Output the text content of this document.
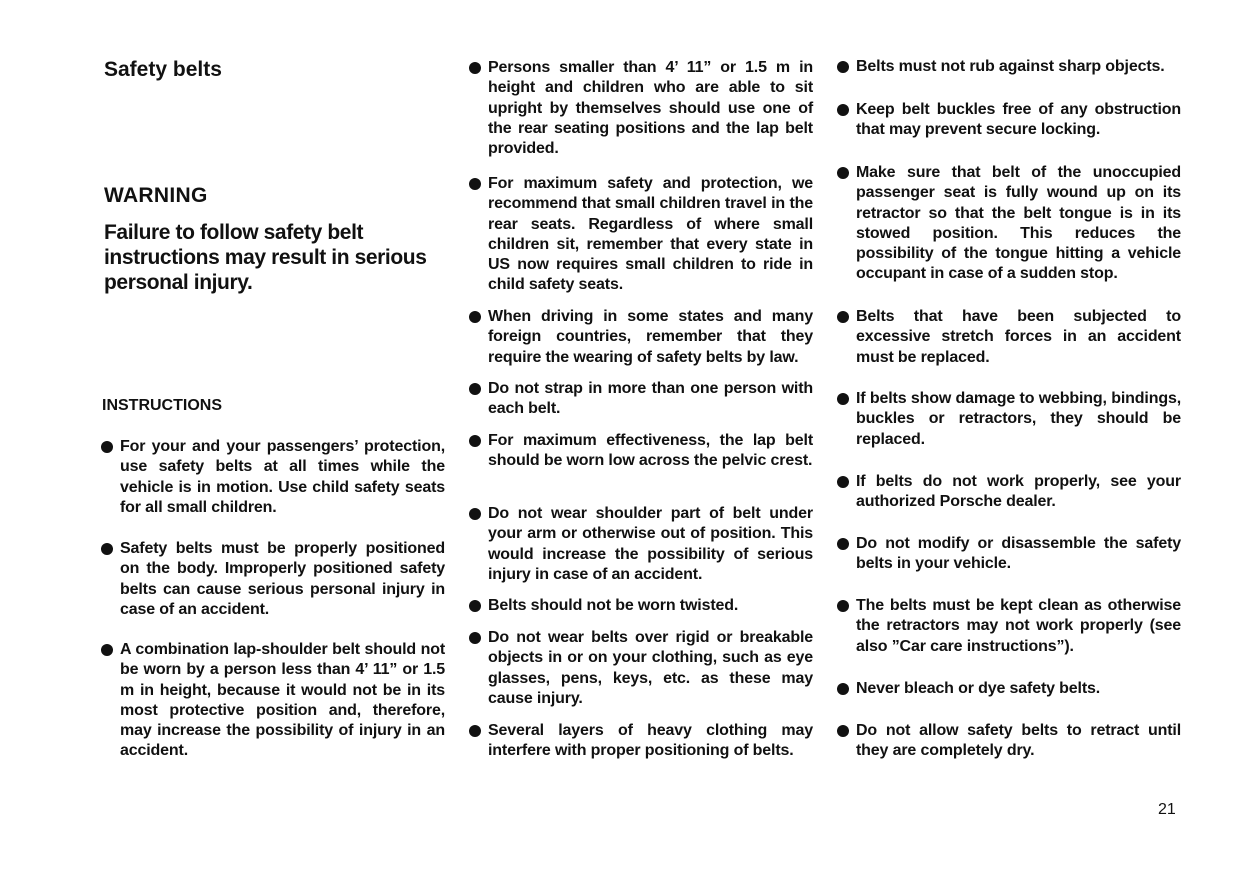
Safety belts
WARNING

Failure to follow safety belt instructions may result in serious personal injury.

INSTRUCTIONS
For your and your passengers’ protection, use safety belts at all times while the vehicle is in motion. Use child safety seats for all small children.
Safety belts must be properly positioned on the body. Improperly positioned safety belts can cause serious personal injury in case of an accident.
A combination lap-shoulder belt should not be worn by a person less than 4’ 11” or 1.5 m in height, because it would not be in its most protective position and, therefore, may increase the possibility of injury in an accident.
Persons smaller than 4’ 11” or 1.5 m in height and children who are able to sit upright by themselves should use one of the rear seating positions and the lap belt provided.
For maximum safety and protection, we recommend that small children travel in the rear seats. Regardless of where small children sit, remember that every state in US now requires small children to ride in child safety seats.
When driving in some states and many foreign countries, remember that they require the wearing of safety belts by law.
Do not strap in more than one person with each belt.
For maximum effectiveness, the lap belt should be worn low across the pelvic crest.
Do not wear shoulder part of belt under your arm or otherwise out of position. This would increase the possibility of serious injury in case of an accident.
Belts should not be worn twisted.
Do not wear belts over rigid or breakable objects in or on your clothing, such as eye glasses, pens, keys, etc. as these may cause injury.
Several layers of heavy clothing may interfere with proper positioning of belts.
Belts must not rub against sharp objects.
Keep belt buckles free of any obstruction that may prevent secure locking.
Make sure that belt of the unoccupied passenger seat is fully wound up on its retractor so that the belt tongue is in its stowed position. This reduces the possibility of the tongue hitting a vehicle occupant in case of a sudden stop.
Belts that have been subjected to excessive stretch forces in an accident must be replaced.
If belts show damage to webbing, bindings, buckles or retractors, they should be replaced.
If belts do not work properly, see your authorized Porsche dealer.
Do not modify or disassemble the safety belts in your vehicle.
The belts must be kept clean as otherwise the retractors may not work properly (see also ”Car care instructions”).
Never bleach or dye safety belts.
Do not allow safety belts to retract until they are completely dry.

21
